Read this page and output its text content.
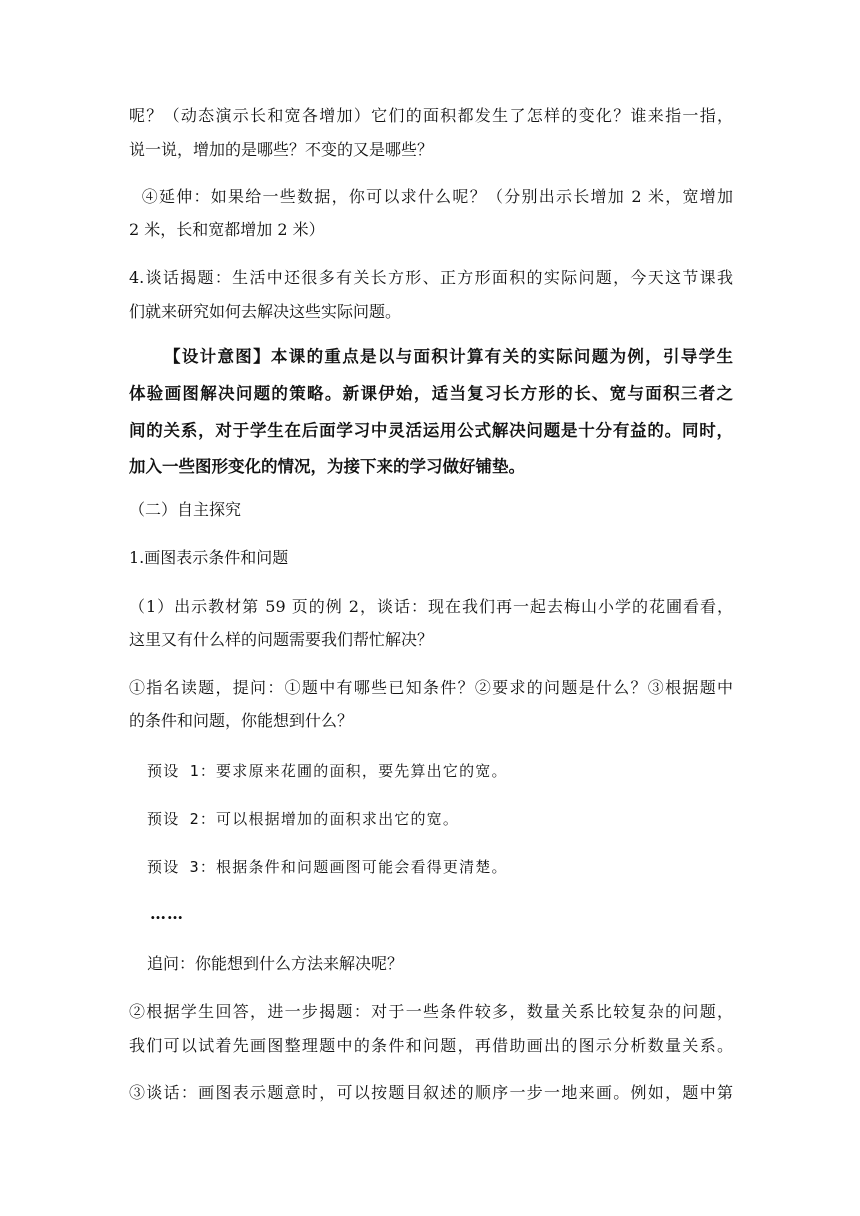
呢？（动态演示长和宽各增加）它们的面积都发生了怎样的变化？谁来指一指，
说一说，增加的是哪些？不变的又是哪些？
④延伸：如果给一些数据，你可以求什么呢？（分别出示长增加 2 米，宽增加
2 米，长和宽都增加 2 米）
4.谈话揭题：生活中还很多有关长方形、正方形面积的实际问题，今天这节课我
们就来研究如何去解决这些实际问题。
【设计意图】本课的重点是以与面积计算有关的实际问题为例，引导学生
体验画图解决问题的策略。新课伊始，适当复习长方形的长、宽与面积三者之
间的关系，对于学生在后面学习中灵活运用公式解决问题是十分有益的。同时，
加入一些图形变化的情况，为接下来的学习做好铺垫。
（二）自主探究
1.画图表示条件和问题
（1）出示教材第 59 页的例 2，谈话：现在我们再一起去梅山小学的花圃看看，
这里又有什么样的问题需要我们帮忙解决？
①指名读题，提问：①题中有哪些已知条件？②要求的问题是什么？③根据题中
的条件和问题，你能想到什么？
预设 1：要求原来花圃的面积，要先算出它的宽。
预设 2：可以根据增加的面积求出它的宽。
预设 3：根据条件和问题画图可能会看得更清楚。
……
追问：你能想到什么方法来解决呢？
②根据学生回答，进一步揭题：对于一些条件较多，数量关系比较复杂的问题，
我们可以试着先画图整理题中的条件和问题，再借助画出的图示分析数量关系。
③谈话：画图表示题意时，可以按题目叙述的顺序一步一地来画。例如，题中第
